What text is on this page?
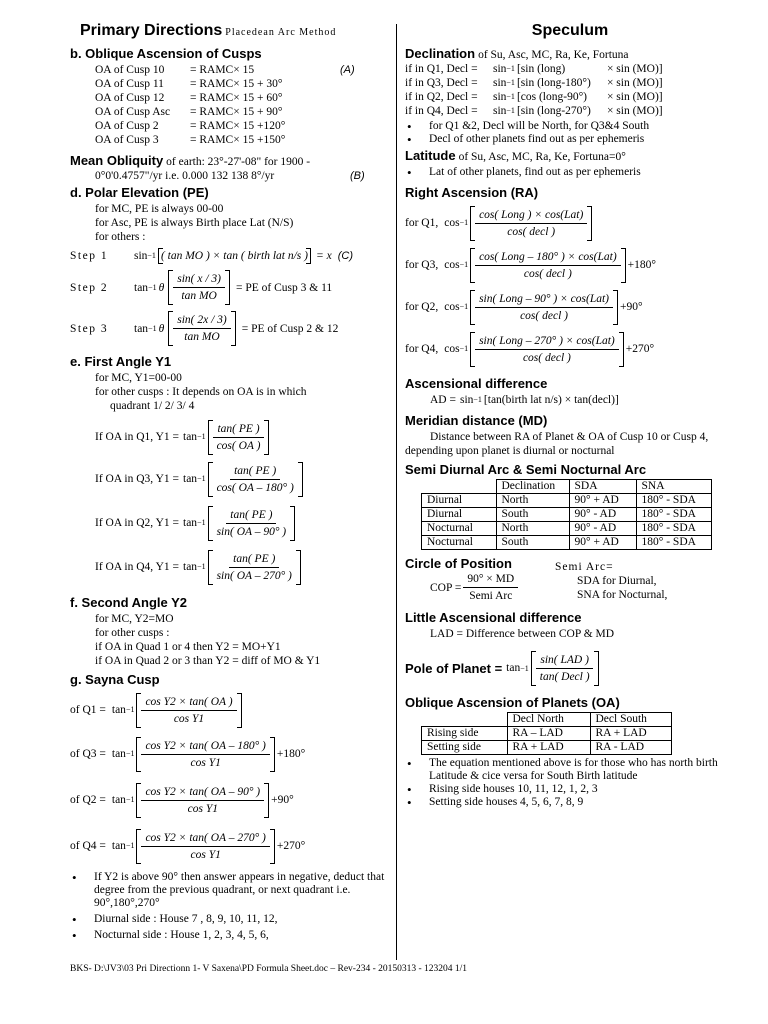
Primary Directions Placedean Arc Method
b. Oblique Ascension of Cusps
OA of Cusp 10	= RAMC× 15	(A)
OA of Cusp 11	= RAMC× 15 + 30°
OA of Cusp 12	= RAMC× 15 + 60°
OA of Cusp Asc	= RAMC× 15 + 90°
OA of Cusp 2	= RAMC× 15 +120°
OA of Cusp 3	= RAMC× 15 +150°
Mean Obliquity of earth: 23°-27'-08" for 1900 -
0°0'0.4757"/yr i.e. 0.000 132 138 8°/yr	(B)
d. Polar Elevation (PE)
for MC, PE is always 00-00
for Asc, PE is always Birth place Lat (N/S)
for others :
Step 1	sin −1 ( tan MO ) × tan ( birth lat n/s ) = x (C)
Step 2	tan −1 θ $\frac{\sin( x / 3)}{\text{tan MO}}$ = PE of Cusp 3 & 11
Step 3	tan −1 θ $\frac{\sin( 2x / 3)}{\text{tan MO}}$ = PE of Cusp 2 & 12
e. First Angle Y1
for MC, Y1=00-00
for other cusps : It depends on OA is in which
quadrant 1/ 2/ 3/ 4
If OA in Q1, $Y1 = \tan -1 \frac{\tan( PE )}{\cos( OA )}$
If OA in Q3, $Y1 = \tan -1 \frac{\tan( PE )}{\cos( OA - 180^\circ )}$
If OA in Q2, $Y1 = \tan -1 \frac{\tan( PE )}{\sin( OA - 90^\circ )}$
If OA in Q4, $Y1 = \tan -1 \frac{\tan( PE )}{\sin( OA - 270^\circ )}$
f. Second Angle Y2
for MC, Y2=MO
for other cusps :
if OA in Quad 1 or 4 then Y2 = MO+Y1
if OA in Quad 2 or 3 than Y2 = diff of MO & Y1
g. Sayna Cusp
of $Q1 = \tan -1 \frac{\text{cos Y2 × tan( OA )}}{\text{cos Y1}}$
of $Q3 = \tan -1 \frac{\text{cos Y2 × tan( OA – 180° )}}{\text{cos Y1}} +180^\circ$
of $Q2 = \tan -1 \frac{\text{cos Y2 × tan( OA – 90° )}}{\text{cos Y1}} +90^\circ$
of $Q4 = \tan -1 \frac{\text{cos Y2 × tan( OA – 270° )}}{\text{cos Y1}} +270^\circ$
• If Y2 is above 90° then answer appears in negative, deduct that degree from the previous quadrant, or next quadrant i.e. 90°,180°,270°
• Diurnal side : House 7 , 8, 9, 10, 11, 12,
• Nocturnal side : House 1, 2, 3, 4, 5, 6,
Speculum
Declination of Su, Asc, MC, Ra, Ke, Fortuna
if in Q1, Decl =	sin −1 [sin (long)	× sin (MO)]
if in Q3, Decl =	sin −1 [sin (long-180°)	× sin (MO)]
if in Q2, Decl =	sin −1 [cos (long-90°)	× sin (MO)]
if in Q4, Decl =	sin −1 [sin (long-270°)	× sin (MO)]
• for Q1 &2, Decl will be North, for Q3&4 South
• Decl of other planets find out as per ephemeris
Latitude of Su, Asc, MC, Ra, Ke, Fortuna=0°
• Lat of other planets, find out as per ephemeris
Right Ascension (RA)
for Q1, $\cos -1 \frac{\text{cos( Long ) × cos(Lat)}}{\text{cos( decl )}}$
for Q3, $\cos -1 \frac{\text{cos( Long – 180° ) × cos(Lat)}}{\text{cos( decl )}} +180^\circ$
for Q2, $\cos -1 \frac{\text{sin( Long – 90° ) × cos(Lat)}}{\text{cos( decl )}} +90^\circ$
for Q4, $\cos -1 \frac{\text{sin( Long – 270° ) × cos(Lat)}}{\text{cos( decl )}} +270^\circ$
Ascensional difference
AD = sin −1 [tan(birth lat n/s) × tan(decl)]
Meridian distance (MD)
Distance between RA of Planet & OA of Cusp 10 or Cusp 4, depending upon planet is diurnal or nocturnal
Semi Diurnal Arc & Semi Nocturnal Arc
	Declination	SDA	SNA
Diurnal	North	90° + AD	180° - SDA
Diurnal	South	90° - AD	180° - SDA
Nocturnal	North	90° - AD	180° - SDA
Nocturnal	South	90° + AD	180° - SDA
Circle of Position
COP = $\frac{90^\circ \times MD}{\text{Semi Arc}}$
Semi Arc=
SDA for Diurnal,
SNA for Nocturnal,
Little Ascensional difference
LAD = Difference between COP & MD
Pole of Planet = $\tan -1 \frac{\text{sin( LAD )}}{\text{tan( Decl )}}$
Oblique Ascension of Planets (OA)
	Decl North	Decl South
Rising side	RA – LAD	RA + LAD
Setting side	RA + LAD	RA - LAD
• The equation mentioned above is for those who has north birth Latitude & cice versa for South Birth latitude
• Rising side houses 10, 11, 12, 1, 2, 3
• Setting side houses 4, 5, 6, 7, 8, 9
BKS- D:\JV3\03 Pri Directionn 1- V Saxena\PD Formula Sheet.doc – Rev-234 - 20150313 - 123204 1/1
